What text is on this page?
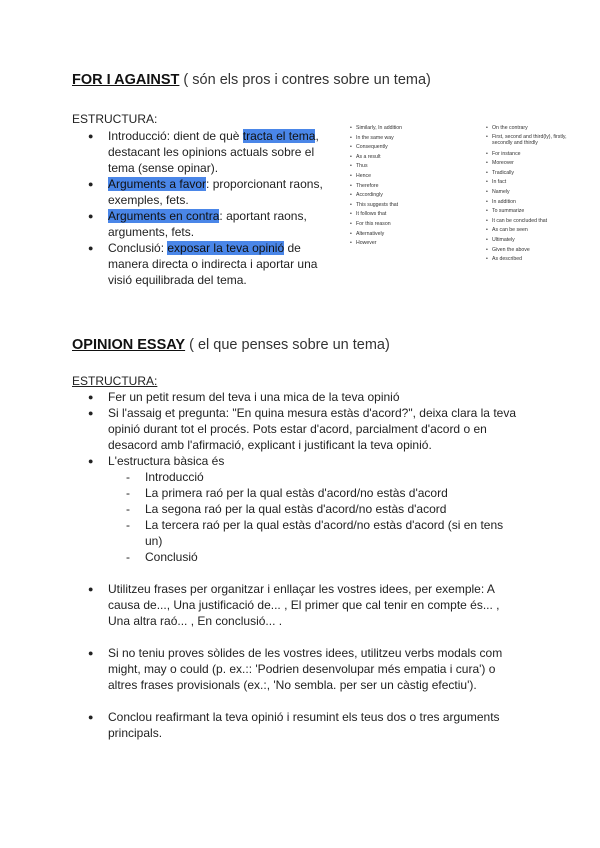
FOR I AGAINST ( són els pros i contres sobre un tema)

ESTRUCTURA:

● Introducció: dient de què tracta el tema, destacant les opinions actuals sobre el tema (sense opinar).
● Arguments a favor: proporcionant raons, exemples, fets.
● Arguments en contra: aportant raons, arguments, fets.
● Conclusió: exposar la teva opinió de manera directa o indirecta i aportar una visió equilibrada del tema.
• Similarly, In addition
• In the same way
• Consequently
• As a result
• Thus
• Hence
• Therefore
• Accordingly
• This suggests that
• It follows that
• For this reason
• Alternatively
• However
• On the contrary
• First, second and third(ly), firstly, secondly and thirdly
• For instance
• Moreover
• Tradically
• In fact
• Namely
• In addition
• To summarize
• It can be concluded that
• As can be seen
• Ultimately
• Given the above
• As described
OPINION ESSAY ( el que penses sobre un tema)

ESTRUCTURA:

● Fer un petit resum del teva i una mica de la teva opinió
● Si l'assaig et pregunta: "En quina mesura estàs d'acord?", deixa clara la teva opinió durant tot el procés. Pots estar d'acord, parcialment d'acord o en desacord amb l'afirmació, explicant i justificant la teva opinió.
● L'estructura bàsica és
- Introducció
- La primera raó per la qual estàs d'acord/no estàs d'acord
- La segona raó per la qual estàs d'acord/no estàs d'acord
- La tercera raó per la qual estàs d'acord/no estàs d'acord (si en tens un)
- Conclusió
● Utilitzeu frases per organitzar i enllaçar les vostres idees, per exemple: A causa de..., Una justificació de... , El primer que cal tenir en compte és... , Una altra raó... , En conclusió... .
● Si no teniu proves sòlides de les vostres idees, utilitzeu verbs modals com might, may o could (p. ex.:: 'Podrien desenvolupar més empatia i cura') o altres frases provisionals (ex.:, 'No sembla. per ser un càstig efectiu').
● Conclou reafirmant la teva opinió i resumint els teus dos o tres arguments principals.
